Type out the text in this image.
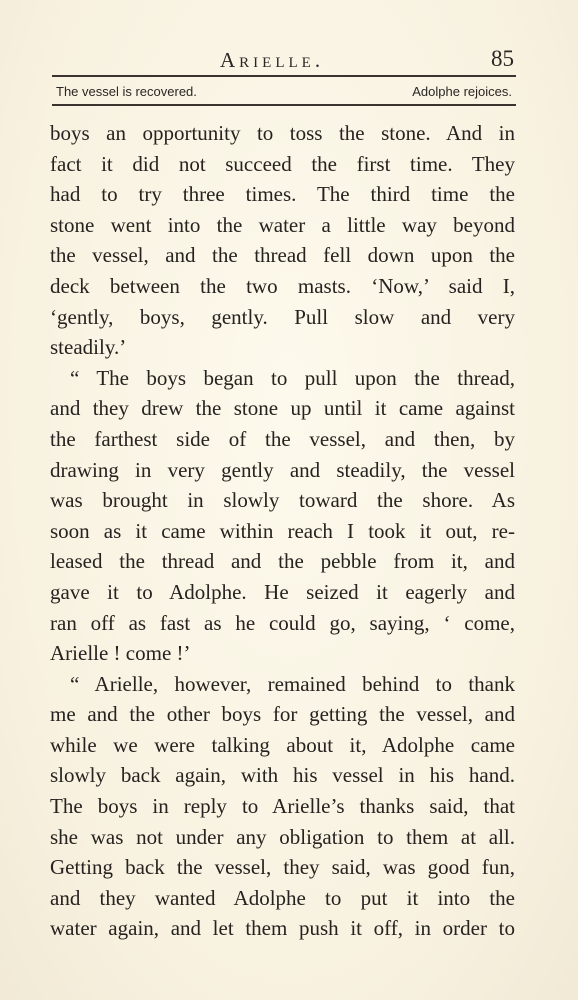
Arielle.	85
The vessel is recovered.	Adolphe rejoices.
boys an opportunity to toss the stone. And in
fact it did not succeed the first time. They
had to try three times. The third time the
stone went into the water a little way beyond
the vessel, and the thread fell down upon the
deck between the two masts. ‘Now,’ said I,
‘gently, boys, gently. Pull slow and very
steadily.’
“ The boys began to pull upon the thread,
and they drew the stone up until it came against
the farthest side of the vessel, and then, by
drawing in very gently and steadily, the vessel
was brought in slowly toward the shore. As
soon as it came within reach I took it out, re-
leased the thread and the pebble from it, and
gave it to Adolphe. He seized it eagerly and
ran off as fast as he could go, saying, ‘ come,
Arielle ! come !’
“ Arielle, however, remained behind to thank
me and the other boys for getting the vessel, and
while we were talking about it, Adolphe came
slowly back again, with his vessel in his hand.
The boys in reply to Arielle’s thanks said, that
she was not under any obligation to them at all.
Getting back the vessel, they said, was good fun,
and they wanted Adolphe to put it into the
water again, and let them push it off, in order to
